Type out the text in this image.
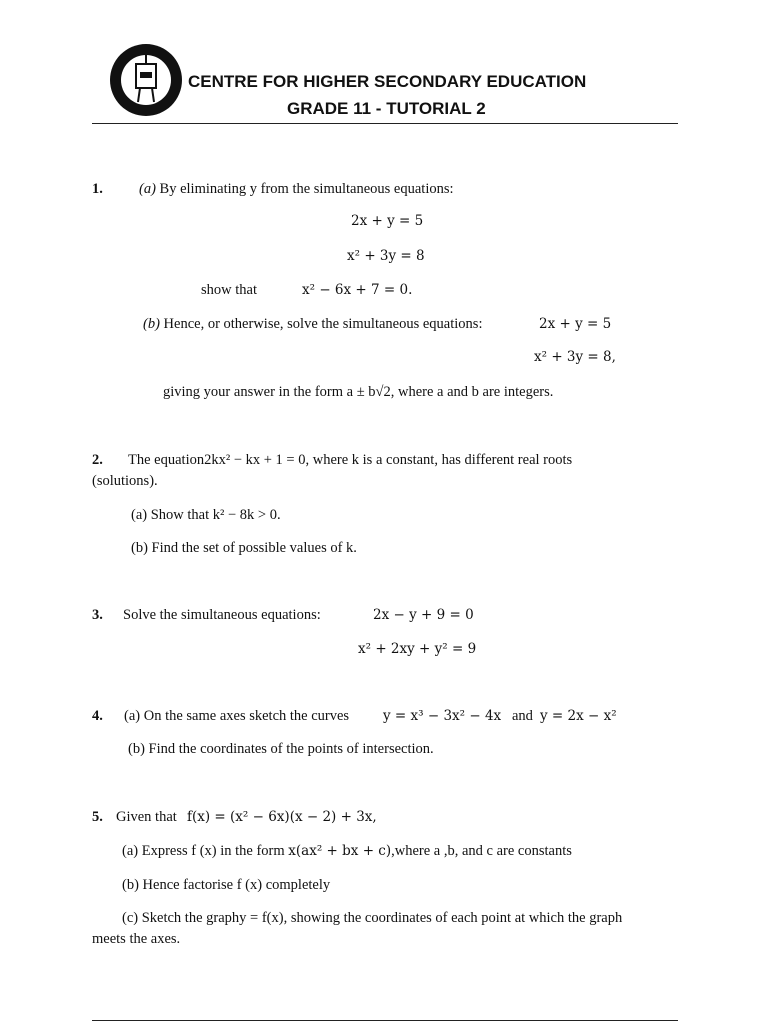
CENTRE FOR HIGHER SECONDARY EDUCATION
GRADE 11 - TUTORIAL 2
1. (a) By eliminating y from the simultaneous equations:
2x + y = 5
x² + 3y = 8
show that	x² − 6x + 7 = 0.
(b) Hence, or otherwise, solve the simultaneous equations:	2x + y = 5
x² + 3y = 8,
giving your answer in the form a ± b√2, where a and b are integers.
2. The equation2kx² − kx + 1 = 0, where k is a constant, has different real roots
(solutions).
(a) Show that k² − 8k > 0.
(b) Find the set of possible values of k.
3. Solve the simultaneous equations:	2x − y + 9 = 0
x² + 2xy + y² = 9
4. (a) On the same axes sketch the curves	y = x³ − 3x² − 4x and y = 2x − x²
(b) Find the coordinates of the points of intersection.
5. Given that f(x) = (x² − 6x)(x − 2) + 3x,
(a) Express f (x) in the form x(ax² + bx + c),where a ,b, and c are constants
(b) Hence factorise f (x) completely
(c) Sketch the graphy = f(x), showing the coordinates of each point at which the graph
meets the axes.
